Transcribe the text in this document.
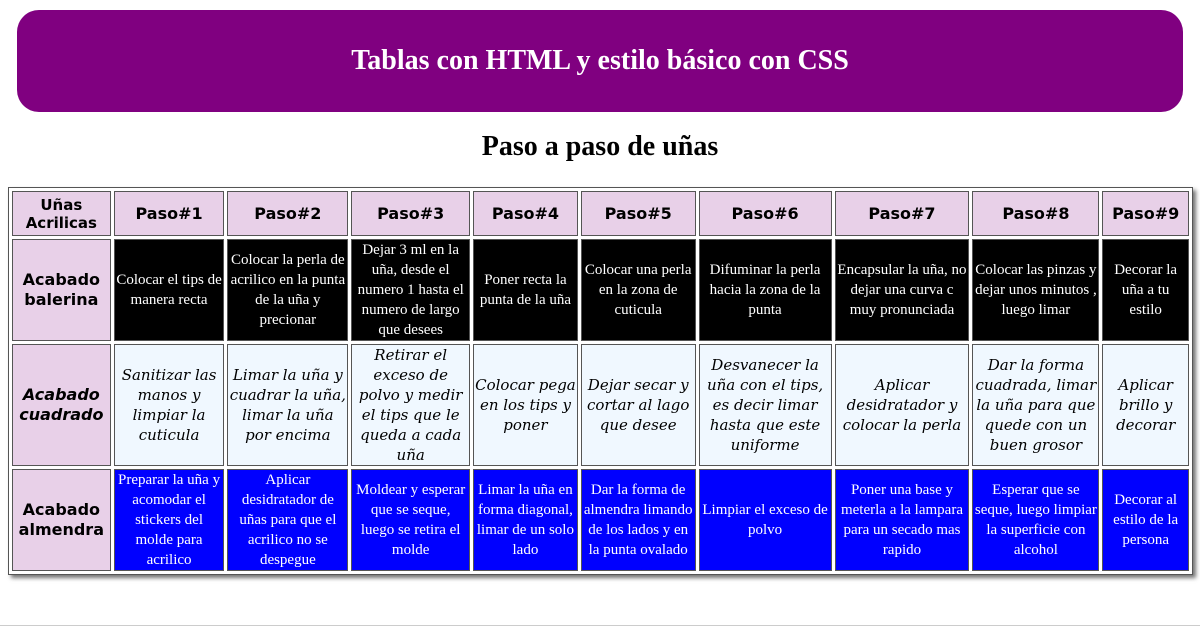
Tablas con HTML y estilo básico con CSS
Paso a paso de uñas
Uñas Acrilicas	Paso#1	Paso#2	Paso#3	Paso#4	Paso#5	Paso#6	Paso#7	Paso#8	Paso#9
Acabado balerina	Colocar el tips de manera recta	Colocar la perla de acrilico en la punta de la uña y precionar	Dejar 3 ml en la uña, desde el numero 1 hasta el numero de largo que desees	Poner recta la punta de la uña	Colocar una perla en la zona de cuticula	Difuminar la perla hacia la zona de la punta	Encapsular la uña, no dejar una curva c muy pronunciada	Colocar las pinzas y dejar unos minutos , luego limar	Decorar la uña a tu estilo
Acabado cuadrado	Sanitizar las manos y limpiar la cuticula	Limar la uña y cuadrar la uña, limar la uña por encima	Retirar el exceso de polvo y medir el tips que le queda a cada uña	Colocar pega en los tips y poner	Dejar secar y cortar al lago que desee	Desvanecer la uña con el tips, es decir limar hasta que este uniforme	Aplicar desidratador y colocar la perla	Dar la forma cuadrada, limar la uña para que quede con un buen grosor	Aplicar brillo y decorar
Acabado almendra	Preparar la uña y acomodar el stickers del molde para acrilico	Aplicar desidratador de uñas para que el acrilico no se despegue	Moldear y esperar que se seque, luego se retira el molde	Limar la uña en forma diagonal, limar de un solo lado	Dar la forma de almendra limando de los lados y en la punta ovalado	Limpiar el exceso de polvo	Poner una base y meterla a la lampara para un secado mas rapido	Esperar que se seque, luego limpiar la superficie con alcohol	Decorar al estilo de la persona
